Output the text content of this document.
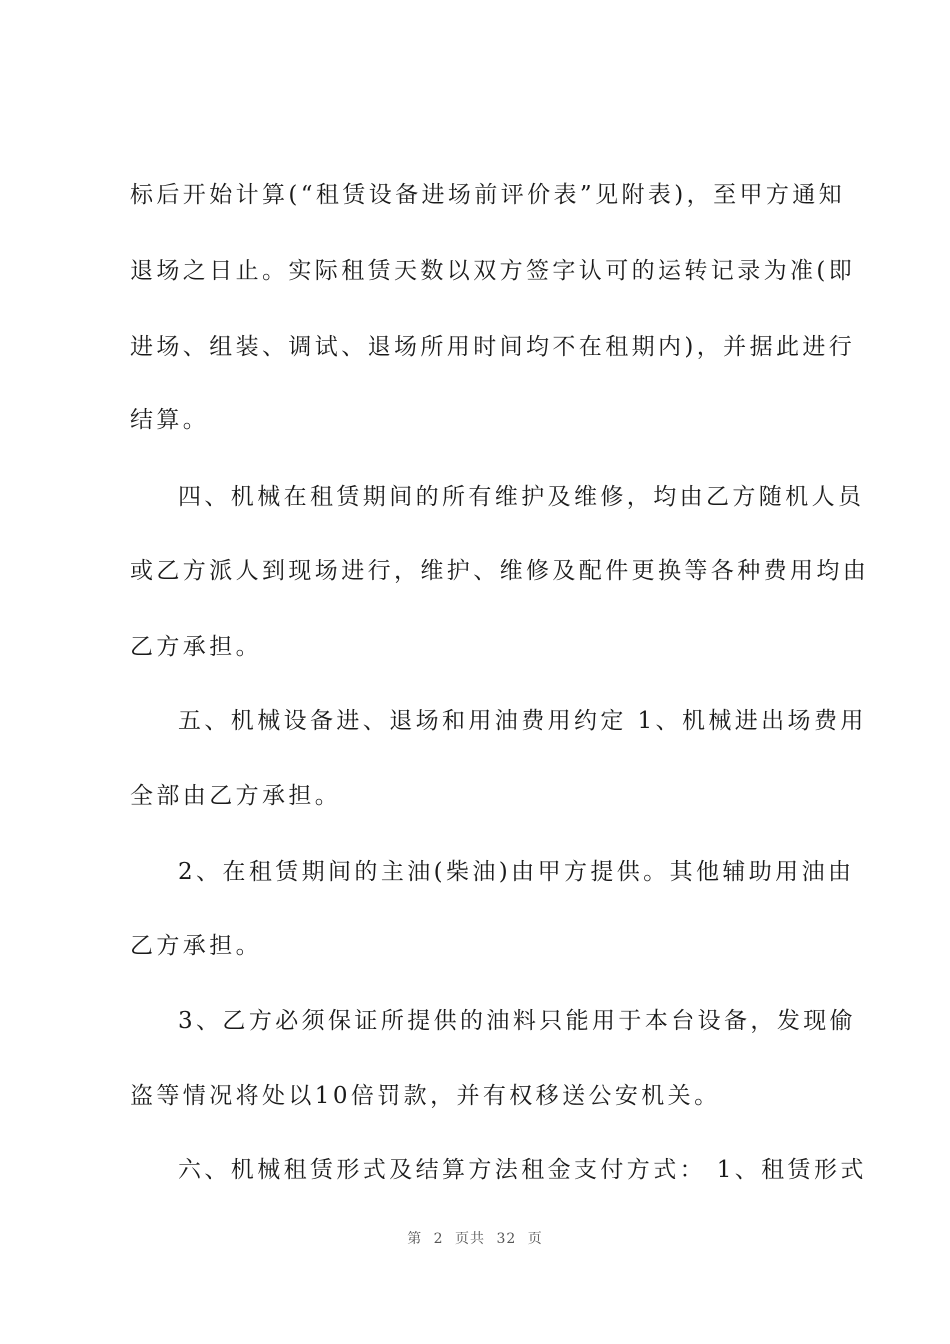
标后开始计算(“租赁设备进场前评价表”见附表)，至甲方通知
退场之日止。实际租赁天数以双方签字认可的运转记录为准(即
进场、组装、调试、退场所用时间均不在租期内)，并据此进行
结算。
四、机械在租赁期间的所有维护及维修，均由乙方随机人员
或乙方派人到现场进行，维护、维修及配件更换等各种费用均由
乙方承担。
五、机械设备进、退场和用油费用约定 1、机械进出场费用
全部由乙方承担。
2、在租赁期间的主油(柴油)由甲方提供。其他辅助用油由
乙方承担。
3、乙方必须保证所提供的油料只能用于本台设备，发现偷
盗等情况将处以10倍罚款，并有权移送公安机关。
六、机械租赁形式及结算方法租金支付方式： 1、租赁形式
第 2 页共 32 页
